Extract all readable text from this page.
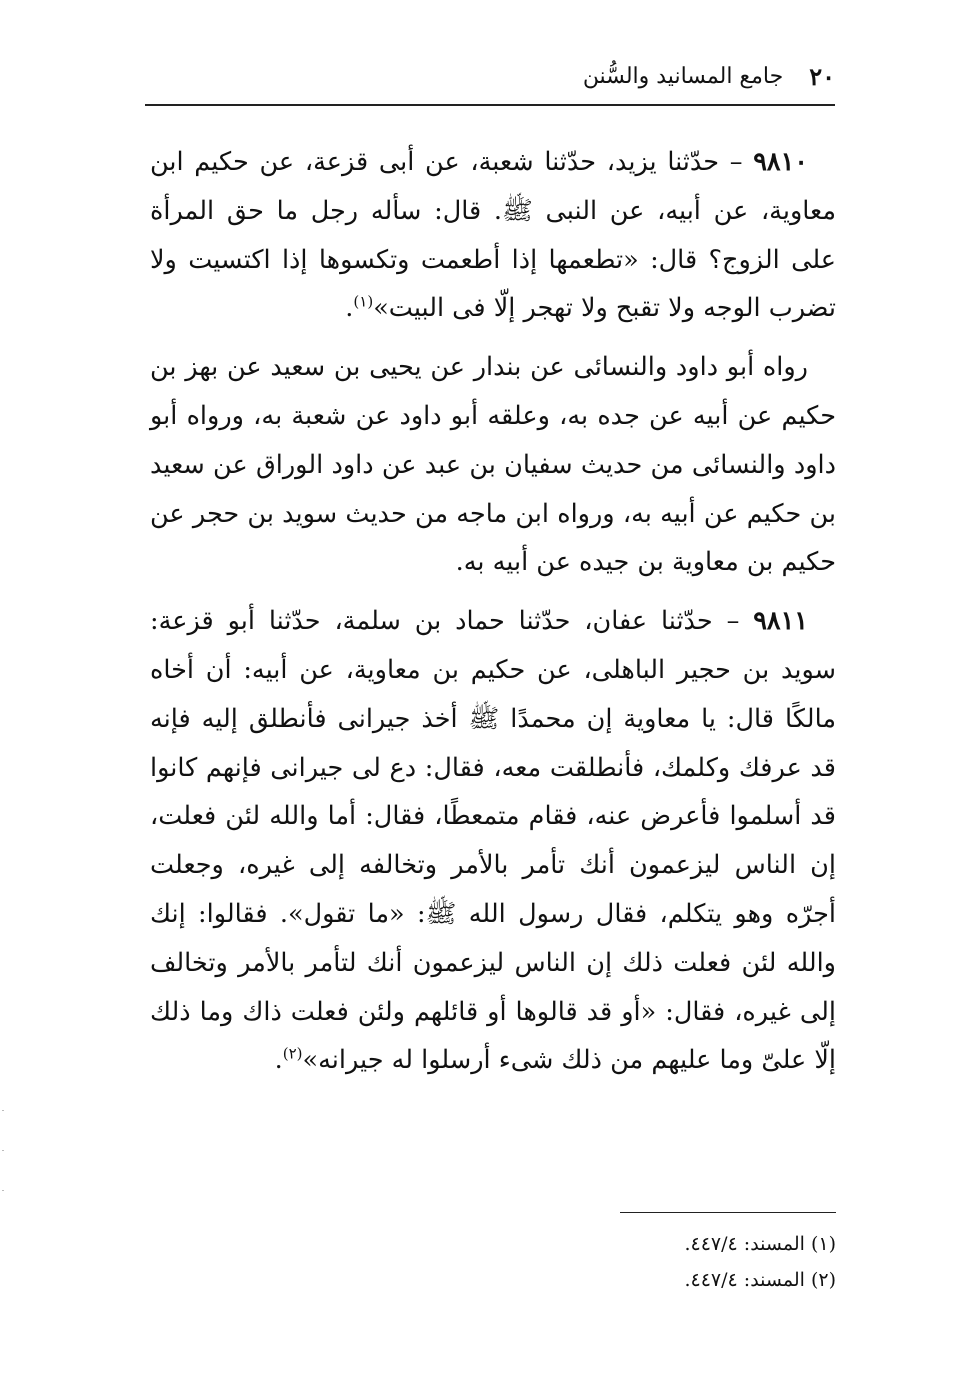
٢٠
جامع المسانيد والسُّنن

٩٨١٠ – حدّثنا يزيد، حدّثنا شعبة، عن أبى قزعة، عن حكيم ابن معاوية، عن أبيه، عن النبى ﷺ. قال: سأله رجل ما حق المرأة على الزوج؟ قال: «تطعمها إذا أطعمت وتكسوها إذا اكتسيت ولا تضرب الوجه ولا تقبح ولا تهجر إلّا فى البيت»$^{(١)}$.

رواه أبو داود والنسائى عن بندار عن يحيى بن سعيد عن بهز بن حكيم عن أبيه عن جده به، وعلقه أبو داود عن شعبة به، ورواه أبو داود والنسائى من حديث سفيان بن عبد عن داود الوراق عن سعيد بن حكيم عن أبيه به، ورواه ابن ماجه من حديث سويد بن حجر عن حكيم بن معاوية بن جيده عن أبيه به.

٩٨١١ – حدّثنا عفان، حدّثنا حماد بن سلمة، حدّثنا أبو قزعة: سويد بن حجير الباهلى، عن حكيم بن معاوية، عن أبيه: أن أخاه مالكًا قال: يا معاوية إن محمدًا ﷺ أخذ جيرانى فأنطلق إليه فإنه قد عرفك وكلمك، فأنطلقت معه، فقال: دع لى جيرانى فإنهم كانوا قد أسلموا فأعرض عنه، فقام متمعطًا، فقال: أما والله لئن فعلت، إن الناس ليزعمون أنك تأمر بالأمر وتخالفه إلى غيره، وجعلت أجرّه وهو يتكلم، فقال رسول الله ﷺ: «ما تقول». فقالوا: إنك والله لئن فعلت ذلك إن الناس ليزعمون أنك لتأمر بالأمر وتخالف إلى غيره، فقال: «أو قد قالوها أو قائلهم ولئن فعلت ذاك وما ذلك إلّا علىّ وما عليهم من ذلك شىء أرسلوا له جيرانه»$^{(٢)}$.

(١) المسند: ٤٤٧/٤.
(٢) المسند: ٤٤٧/٤.
